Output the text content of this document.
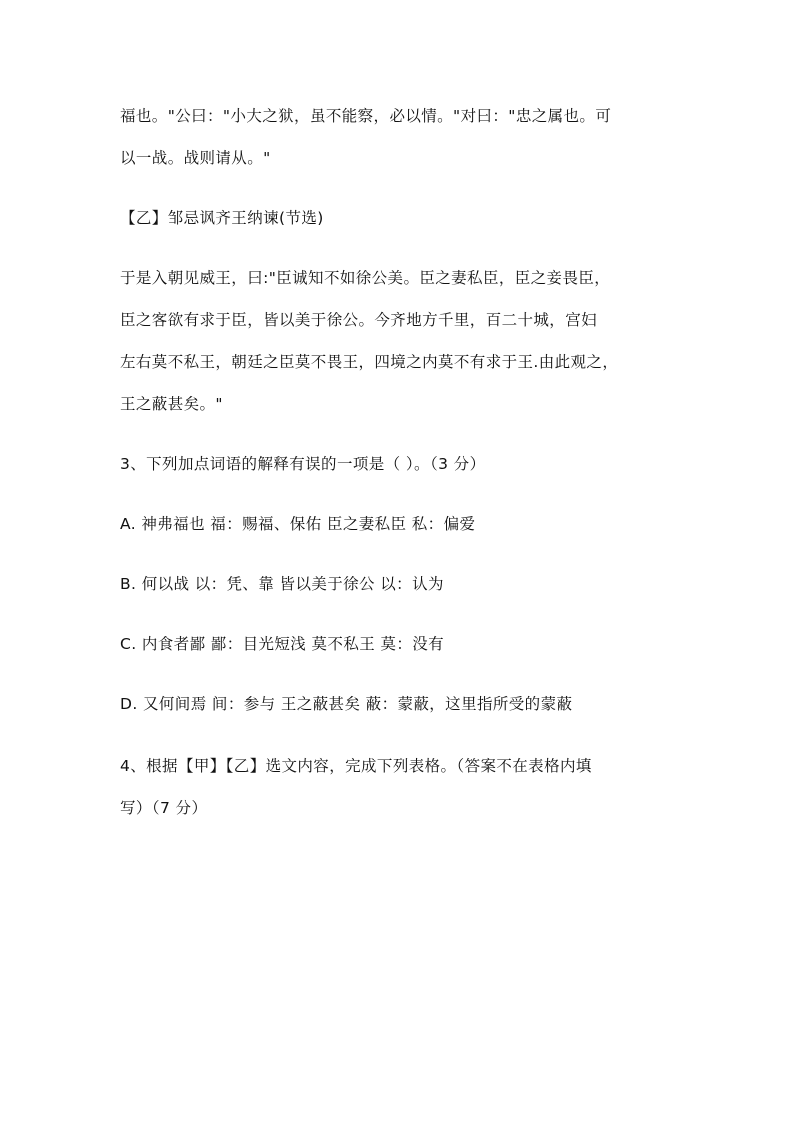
福也。"公曰："小大之狱，虽不能察，必以情。"对曰："忠之属也。可
以一战。战则请从。"
【乙】邹忌讽齐王纳谏(节选)
于是入朝见威王，曰:"臣诚知不如徐公美。臣之妻私臣，臣之妾畏臣，
臣之客欲有求于臣，皆以美于徐公。今齐地方千里，百二十城，宫妇
左右莫不私王，朝廷之臣莫不畏王，四境之内莫不有求于王.由此观之，
王之蔽甚矣。"
3、下列加点词语的解释有误的一项是（ ）。（3 分）
A. 神弗福也 福：赐福、保佑 臣之妻私臣 私：偏爱
B. 何以战 以：凭、靠 皆以美于徐公 以：认为
C. 内食者鄙 鄙：目光短浅 莫不私王 莫：没有
D. 又何间焉 间：参与 王之蔽甚矣 蔽：蒙蔽，这里指所受的蒙蔽
4、根据【甲】【乙】选文内容，完成下列表格。（答案不在表格内填
写）（7 分）
